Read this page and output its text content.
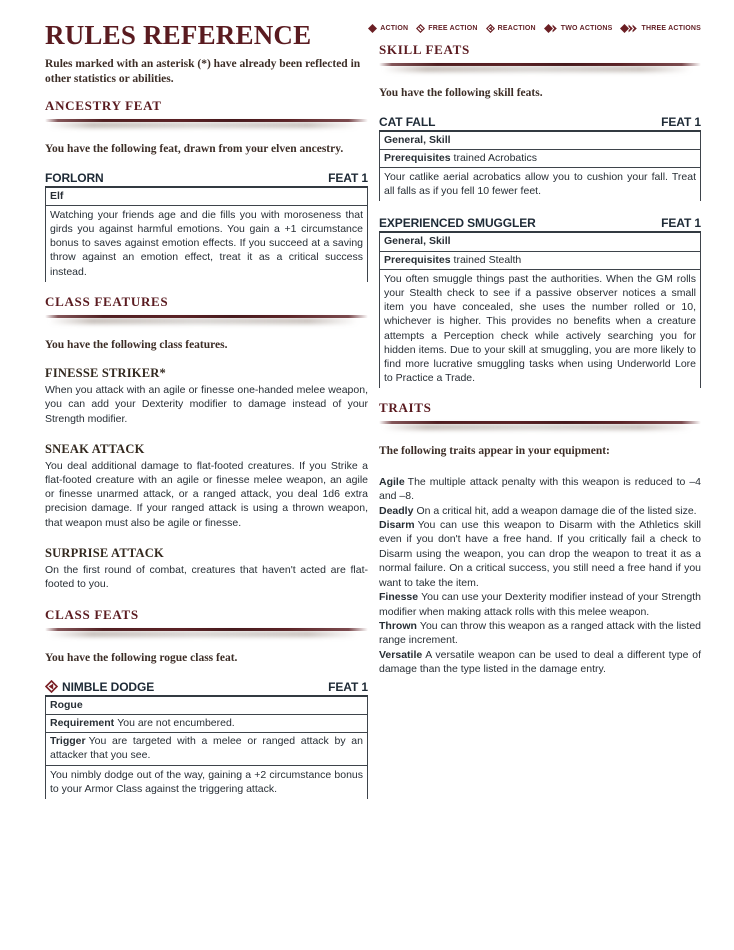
RULES REFERENCE

Rules marked with an asterisk (*) have already been reflected in other statistics or abilities.

ANCESTRY FEAT

You have the following feat, drawn from your elven ancestry.

FORLORN	FEAT 1
Elf
Watching your friends age and die fills you with moroseness that girds you against harmful emotions. You gain a +1 circumstance bonus to saves against emotion effects. If you succeed at a saving throw against an emotion effect, treat it as a critical success instead.
CLASS FEATURES

You have the following class features.

FINESSE STRIKER*
When you attack with an agile or finesse one-handed melee weapon, you can add your Dexterity modifier to damage instead of your Strength modifier.
SNEAK ATTACK
You deal additional damage to flat-footed creatures. If you Strike a flat-footed creature with an agile or finesse melee weapon, an agile or finesse unarmed attack, or a ranged attack, you deal 1d6 extra precision damage. If your ranged attack is using a thrown weapon, that weapon must also be agile or finesse.
SURPRISE ATTACK
On the first round of combat, creatures that haven't acted are flat-footed to you.
CLASS FEATS

You have the following rogue class feat.

NIMBLE DODGE	FEAT 1
Rogue
Requirement You are not encumbered.
Trigger You are targeted with a melee or ranged attack by an attacker that you see.
You nimbly dodge out of the way, gaining a +2 circumstance bonus to your Armor Class against the triggering attack.
ACTION	FREE ACTION	REACTION	TWO ACTIONS	THREE ACTIONS
SKILL FEATS

You have the following skill feats.

CAT FALL	FEAT 1
General, Skill
Prerequisites trained Acrobatics
Your catlike aerial acrobatics allow you to cushion your fall. Treat all falls as if you fell 10 fewer feet.
EXPERIENCED SMUGGLER	FEAT 1
General, Skill
Prerequisites trained Stealth
You often smuggle things past the authorities. When the GM rolls your Stealth check to see if a passive observer notices a small item you have concealed, she uses the number rolled or 10, whichever is higher. This provides no benefits when a creature attempts a Perception check while actively searching you for hidden items. Due to your skill at smuggling, you are more likely to find more lucrative smuggling tasks when using Underworld Lore to Practice a Trade.
TRAITS

The following traits appear in your equipment:

Agile The multiple attack penalty with this weapon is reduced to –4 and –8.

Deadly On a critical hit, add a weapon damage die of the listed size.

Disarm You can use this weapon to Disarm with the Athletics skill even if you don't have a free hand. If you critically fail a check to Disarm using the weapon, you can drop the weapon to treat it as a normal failure. On a critical success, you still need a free hand if you want to take the item.

Finesse You can use your Dexterity modifier instead of your Strength modifier when making attack rolls with this melee weapon.

Thrown You can throw this weapon as a ranged attack with the listed range increment.

Versatile A versatile weapon can be used to deal a different type of damage than the type listed in the damage entry.
